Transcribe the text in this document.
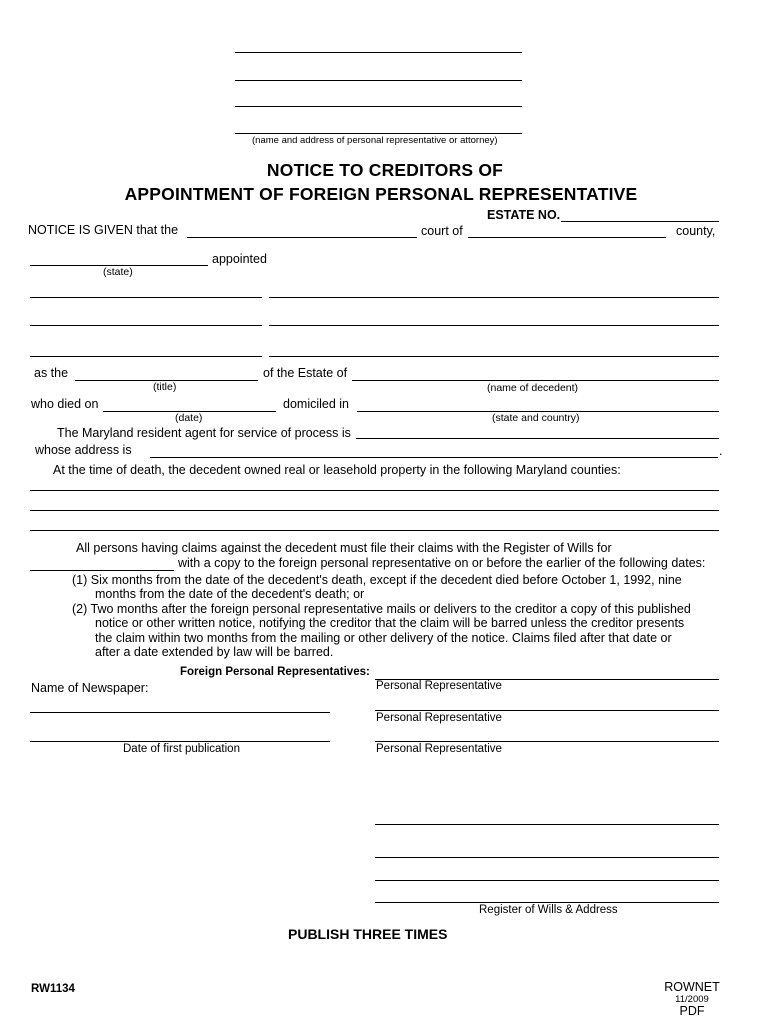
(name and address of personal representative or attorney)
NOTICE TO CREDITORS OF
APPOINTMENT OF FOREIGN PERSONAL REPRESENTATIVE
ESTATE NO.
NOTICE IS GIVEN that the	court of	county,
appointed
(state)
as the	of the Estate of
(title)	(name of decedent)
who died on	domiciled in
(date)	(state and country)
The Maryland resident agent for service of process is
whose address is	.
At the time of death, the decedent owned real or leasehold property in the following Maryland counties:
All persons having claims against the decedent must file their claims with the Register of Wills for
with a copy to the foreign personal representative on or before the earlier of the following dates:
(1) Six months from the date of the decedent's death, except if the decedent died before October 1, 1992, nine
months from the date of the decedent's death; or
(2) Two months after the foreign personal representative mails or delivers to the creditor a copy of this published
notice or other written notice, notifying the creditor that the claim will be barred unless the creditor presents
the claim within two months from the mailing or other delivery of the notice. Claims filed after that date or
after a date extended by law will be barred.
Foreign Personal Representatives:
Personal Representative
Name of Newspaper:
Personal Representative
Date of first publication	Personal Representative
Register of Wills & Address
PUBLISH THREE TIMES
RW1134	ROWNET
11/2009
PDF
